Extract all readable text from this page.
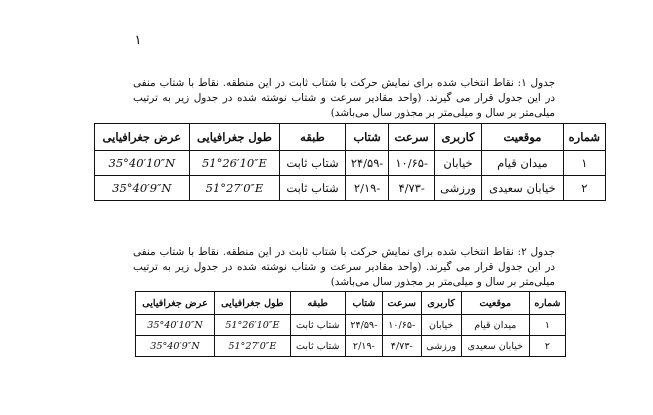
۱

جدول ۱: نقاط انتخاب شده برای نمایش حرکت با شتاب ثابت در این منطقه. نقاط با شتاب منفی در این جدول قرار می گیرند. (واحد مقادیر سرعت و شتاب نوشته شده در جدول زیر به ترتیب میلی‌متر بر سال و میلی‌متر بر مجذور سال می‌باشد)

شماره	موقعیت	کاربری	سرعت	شتاب	طبقه	طول جغرافیایی	عرض جغرافیایی
۱	میدان قیام	خیابان	-۱۰/۶۵	-۲۴/۵۹	شتاب ثابت	51°26′10″E	35°40′10″N
۲	خیابان سعیدی	ورزشی	-۴/۷۳	-۲/۱۹	شتاب ثابت	51°27′0″E	35°40′9″N

جدول ۲: نقاط انتخاب شده برای نمایش حرکت با شتاب ثابت در این منطقه. نقاط با شتاب منفی در این جدول قرار می گیرند. (واحد مقادیر سرعت و شتاب نوشته شده در جدول زیر به ترتیب میلی‌متر بر سال و میلی‌متر بر مجذور سال می‌باشد)

شماره	موقعیت	کاربری	سرعت	شتاب	طبقه	طول جغرافیایی	عرض جغرافیایی
۱	میدان قیام	خیابان	-۱۰/۶۵	-۲۴/۵۹	شتاب ثابت	51°26′10″E	35°40′10″N
۲	خیابان سعیدی	ورزشی	-۴/۷۳	-۲/۱۹	شتاب ثابت	51°27′0″E	35°40′9″N
